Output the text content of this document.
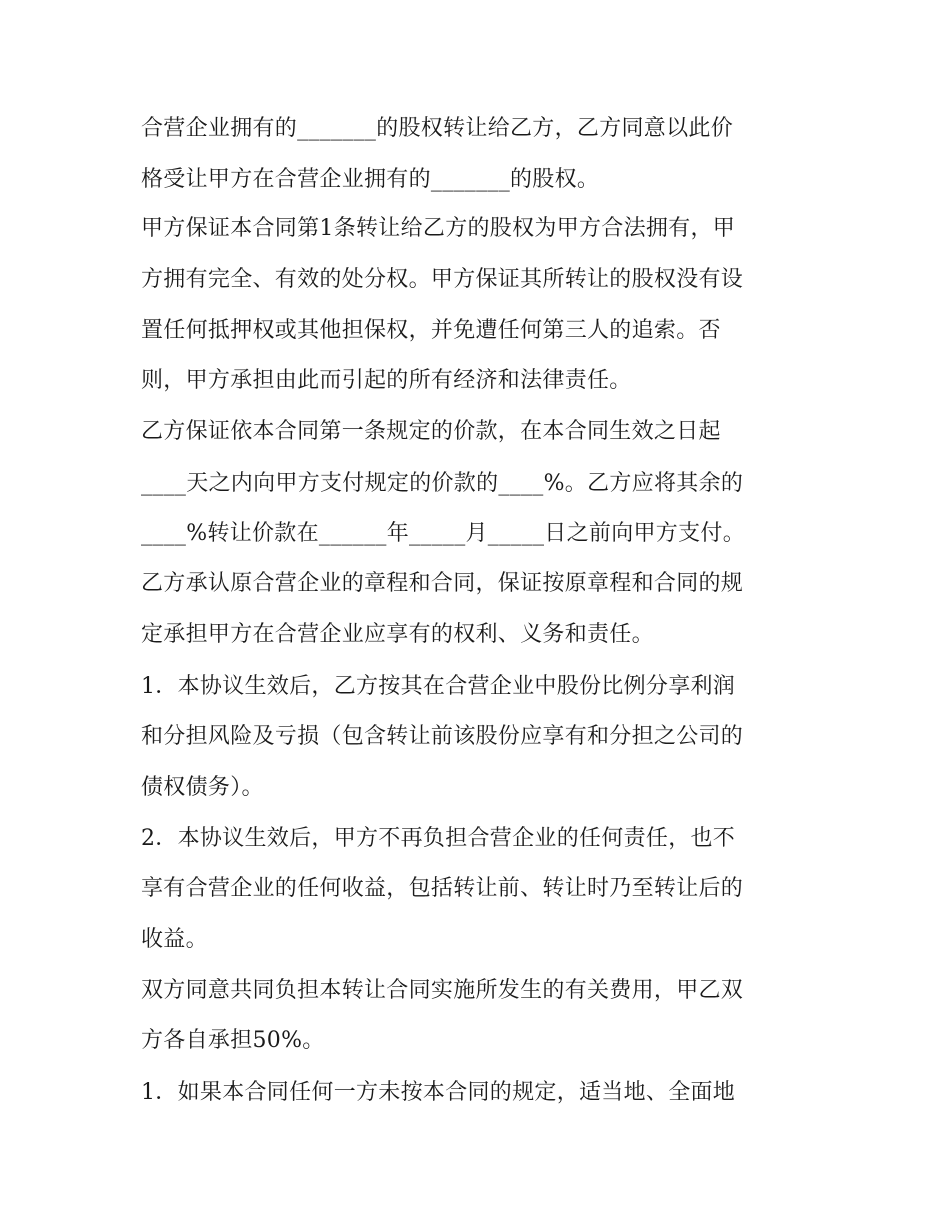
合营企业拥有的_______的股权转让给乙方，乙方同意以此价
格受让甲方在合营企业拥有的_______的股权。
甲方保证本合同第1条转让给乙方的股权为甲方合法拥有，甲
方拥有完全、有效的处分权。甲方保证其所转让的股权没有设
置任何抵押权或其他担保权，并免遭任何第三人的追索。否
则，甲方承担由此而引起的所有经济和法律责任。
乙方保证依本合同第一条规定的价款，在本合同生效之日起
____天之内向甲方支付规定的价款的____%。乙方应将其余的
____%转让价款在______年_____月_____日之前向甲方支付。
乙方承认原合营企业的章程和合同，保证按原章程和合同的规
定承担甲方在合营企业应享有的权利、义务和责任。
1．本协议生效后，乙方按其在合营企业中股份比例分享利润
和分担风险及亏损（包含转让前该股份应享有和分担之公司的
债权债务）。
2．本协议生效后，甲方不再负担合营企业的任何责任，也不
享有合营企业的任何收益，包括转让前、转让时乃至转让后的
收益。
双方同意共同负担本转让合同实施所发生的有关费用，甲乙双
方各自承担50%。
1．如果本合同任何一方未按本合同的规定，适当地、全面地
